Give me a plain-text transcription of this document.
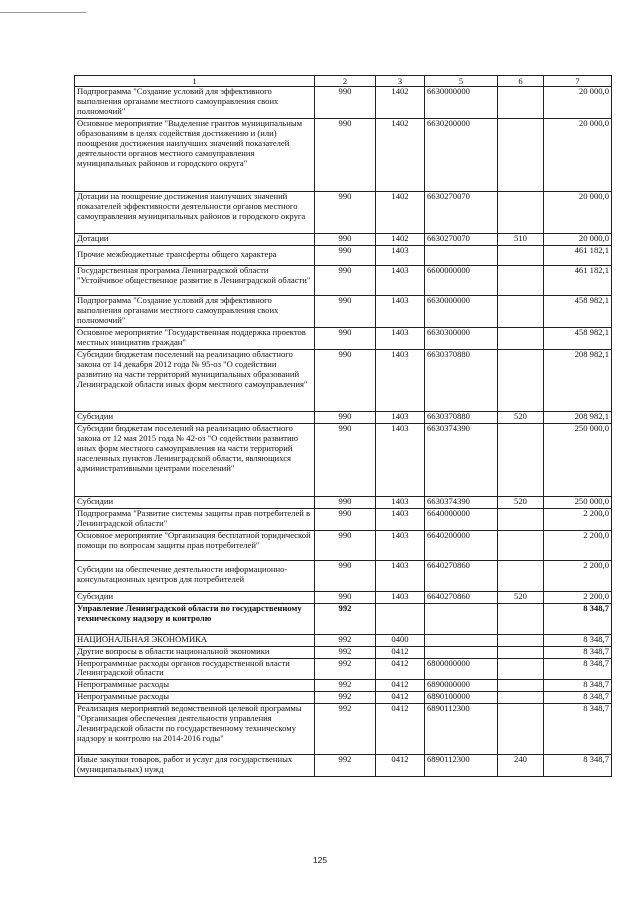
1	2	3	5	6	7
Подпрограмма "Создание условий для эффективного выполнения органами местного самоуправления своих полномочий"	990	1402	6630000000		20 000,0
Основное мероприятие "Выделение грантов муниципальным образованиям в целях содействия достижению и (или) поощрения достижения наилучших значений показателей деятельности органов местного самоуправления муниципальных районов и городского округа"	990	1402	6630200000		20 000,0
Дотации на поощрение достижения наилучших значений показателей эффективности деятельности органов местного самоуправления муниципальных районов и городского округа	990	1402	6630270070		20 000,0
Дотации	990	1402	6630270070	510	20 000,0
Прочие межбюджетные трансферты общего характера	990	1403			461 182,1
Государственная программа Ленинградской области "Устойчивое общественное развитие в Ленинградской области"	990	1403	6600000000		461 182,1
Подпрограмма "Создание условий для эффективного выполнения органами местного самоуправления своих полномочий"	990	1403	6630000000		458 982,1
Основное мероприятие "Государственная поддержка проектов местных инициатив граждан"	990	1403	6630300000		458 982,1
Субсидии бюджетам поселений на реализацию областного закона от 14 декабря 2012 года № 95-оз "О содействии развитию на части территорий муниципальных образований Ленинградской области иных форм местного самоуправления"	990	1403	6630370880		208 982,1
Субсидии	990	1403	6630370880	520	208 982,1
Субсидии бюджетам поселений на реализацию областного закона от 12 мая 2015 года № 42-оз "О содействии развитию иных форм местного самоуправления на части территорий населенных пунктов Ленинградской области, являющихся административными центрами поселений"	990	1403	6630374390		250 000,0
Субсидии	990	1403	6630374390	520	250 000,0
Подпрограмма "Развитие системы защиты прав потребителей в Ленинградской области"	990	1403	6640000000		2 200,0
Основное мероприятие "Организация бесплатной юридической помощи по вопросам защиты прав потребителей"	990	1403	6640200000		2 200,0
Субсидии на обеспечение деятельности информационно-консультационных центров для потребителей	990	1403	6640270860		2 200,0
Субсидии	990	1403	6640270860	520	2 200,0
Управление Ленинградской области по государственному техническому надзору и контролю	992				8 348,7
НАЦИОНАЛЬНАЯ ЭКОНОМИКА	992	0400			8 348,7
Другие вопросы в области национальной экономики	992	0412			8 348,7
Непрограммные расходы органов государственной власти Ленинградской области	992	0412	6800000000		8 348,7
Непрограммные расходы	992	0412	6890000000		8 348,7
Непрограммные расходы	992	0412	6890100000		8 348,7
Реализация мероприятий ведомственной целевой программы "Организация обеспечения деятельности управления Ленинградской области по государственному техническому надзору и контролю на 2014-2016 годы"	992	0412	6890112300		8 348,7
Иные закупки товаров, работ и услуг для государственных (муниципальных) нужд	992	0412	6890112300	240	8 348,7
125
